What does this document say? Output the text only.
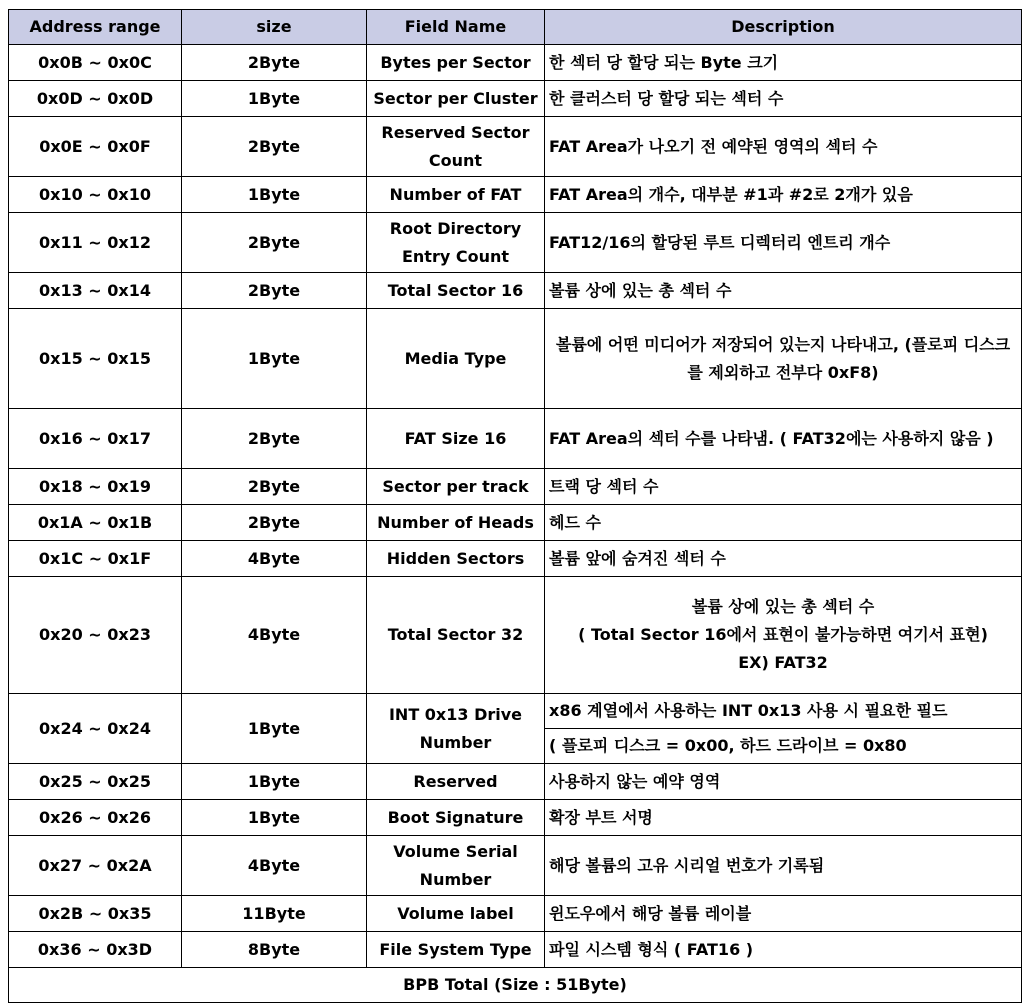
Address range	size	Field Name	Description
0x0B ~ 0x0C	2Byte	Bytes per Sector	한 섹터 당 할당 되는 Byte 크기
0x0D ~ 0x0D	1Byte	Sector per Cluster	한 클러스터 당 할당 되는 섹터 수
0x0E ~ 0x0F	2Byte	Reserved Sector Count	FAT Area가 나오기 전 예약된 영역의 섹터 수
0x10 ~ 0x10	1Byte	Number of FAT	FAT Area의 개수, 대부분 #1과 #2로 2개가 있음
0x11 ~ 0x12	2Byte	Root Directory Entry Count	FAT12/16의 할당된 루트 디렉터리 엔트리 개수
0x13 ~ 0x14	2Byte	Total Sector 16	볼륨 상에 있는 총 섹터 수
0x15 ~ 0x15	1Byte	Media Type	볼륨에 어떤 미디어가 저장되어 있는지 나타내고, (플로피 디스크를 제외하고 전부다 0xF8)
0x16 ~ 0x17	2Byte	FAT Size 16	FAT Area의 섹터 수를 나타냄. ( FAT32에는 사용하지 않음 )
0x18 ~ 0x19	2Byte	Sector per track	트랙 당 섹터 수
0x1A ~ 0x1B	2Byte	Number of Heads	헤드 수
0x1C ~ 0x1F	4Byte	Hidden Sectors	볼륨 앞에 숨겨진 섹터 수
0x20 ~ 0x23	4Byte	Total Sector 32	볼륨 상에 있는 총 섹터 수
( Total Sector 16에서 표현이 불가능하면 여기서 표현)
EX) FAT32

0x24 ~ 0x24	1Byte	INT 0x13 Drive Number	x86 계열에서 사용하는 INT 0x13 사용 시 필요한 필드
			( 플로피 디스크 = 0x00, 하드 드라이브 = 0x80
0x25 ~ 0x25	1Byte	Reserved	사용하지 않는 예약 영역
0x26 ~ 0x26	1Byte	Boot Signature	확장 부트 서명
0x27 ~ 0x2A	4Byte	Volume Serial Number	해당 볼륨의 고유 시리얼 번호가 기록됨
0x2B ~ 0x35	11Byte	Volume label	윈도우에서 해당 볼륨 레이블
0x36 ~ 0x3D	8Byte	File System Type	파일 시스템 형식 ( FAT16 )
BPB Total (Size : 51Byte)			
